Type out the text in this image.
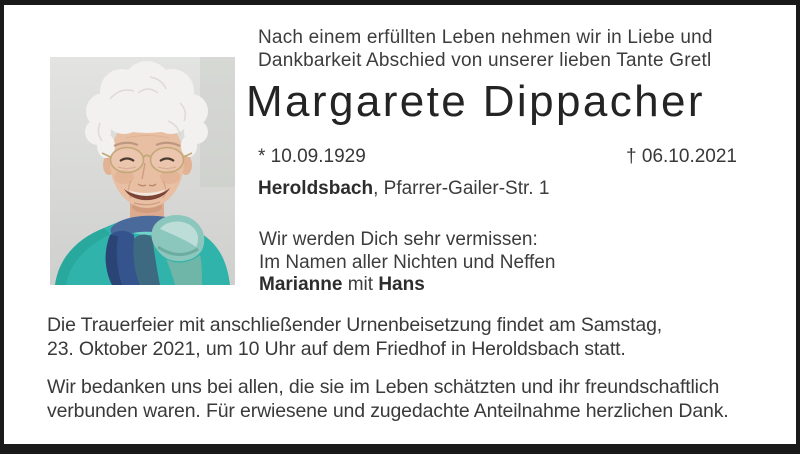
Nach einem erfüllten Leben nehmen wir in Liebe und
Dankbarkeit Abschied von unserer lieben Tante Gretl
Margarete Dippacher
* 10.09.1929	† 06.10.2021
Heroldsbach, Pfarrer-Gailer-Str. 1
Wir werden Dich sehr vermissen:
Im Namen aller Nichten und Neffen
Marianne mit Hans

Die Trauerfeier mit anschließender Urnenbeisetzung findet am Samstag,
23. Oktober 2021, um 10 Uhr auf dem Friedhof in Heroldsbach statt.

Wir bedanken uns bei allen, die sie im Leben schätzten und ihr freundschaftlich
verbunden waren. Für erwiesene und zugedachte Anteilnahme herzlichen Dank.
